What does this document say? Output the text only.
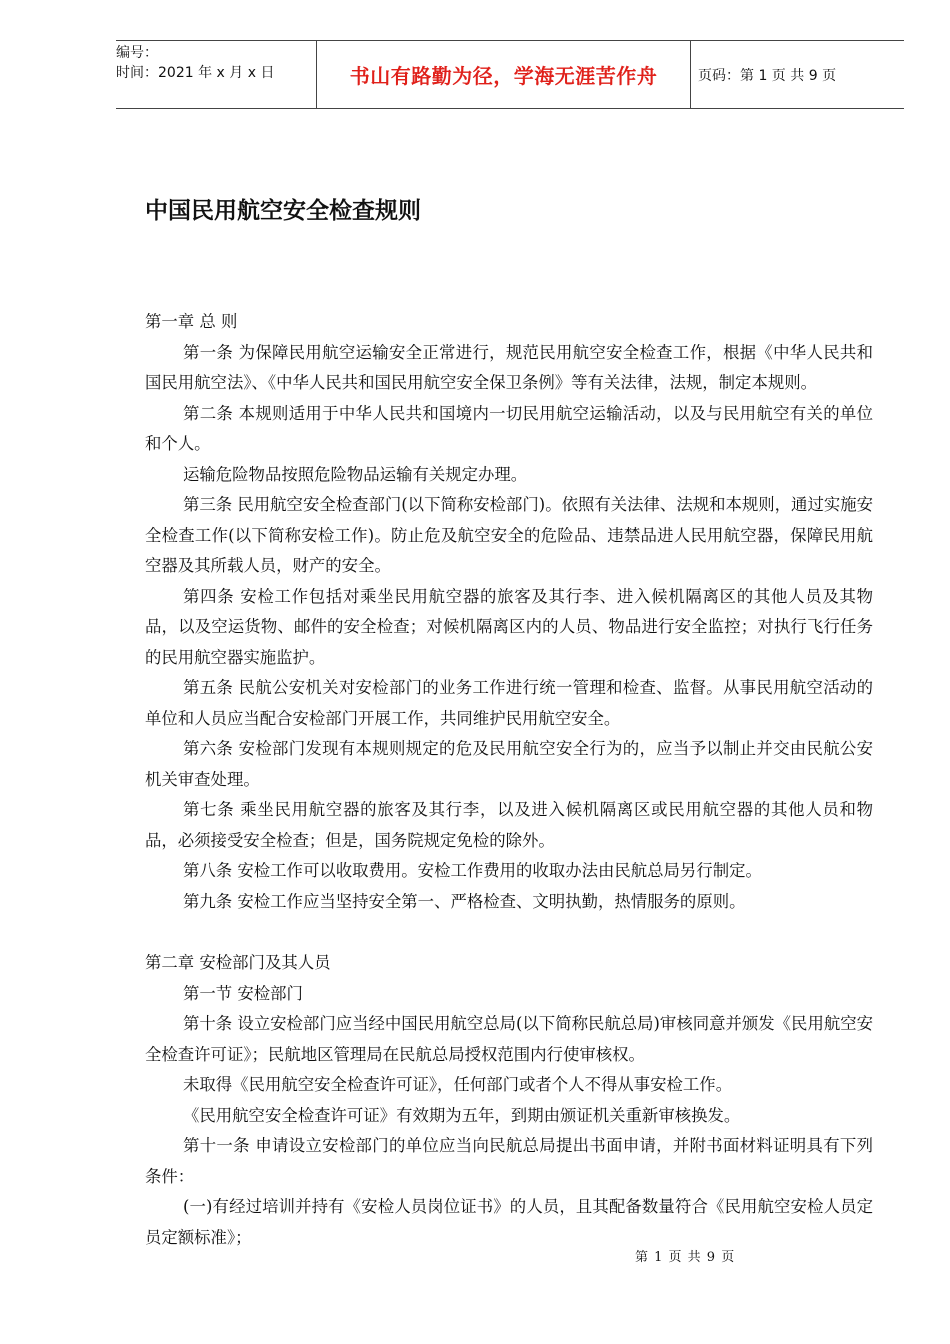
编号：
时间：2021 年 x 月 x 日	书山有路勤为径，学海无涯苦作舟	页码：第 1 页 共 9 页
中国民用航空安全检查规则

第一章 总 则

第一条 为保障民用航空运输安全正常进行，规范民用航空安全检查工作，根据《中华人民共和国民用航空法》、《中华人民共和国民用航空安全保卫条例》等有关法律，法规，制定本规则。

第二条 本规则适用于中华人民共和国境内一切民用航空运输活动，以及与民用航空有关的单位和个人。

运输危险物品按照危险物品运输有关规定办理。

第三条 民用航空安全检查部门(以下简称安检部门)。依照有关法律、法规和本规则，通过实施安全检查工作(以下简称安检工作)。防止危及航空安全的危险品、违禁品进人民用航空器，保障民用航空器及其所载人员，财产的安全。

第四条 安检工作包括对乘坐民用航空器的旅客及其行李、进入候机隔离区的其他人员及其物品，以及空运货物、邮件的安全检查；对候机隔离区内的人员、物品进行安全监控；对执行飞行任务的民用航空器实施监护。

第五条 民航公安机关对安检部门的业务工作进行统一管理和检查、监督。从事民用航空活动的单位和人员应当配合安检部门开展工作，共同维护民用航空安全。

第六条 安检部门发现有本规则规定的危及民用航空安全行为的，应当予以制止并交由民航公安机关审查处理。

第七条 乘坐民用航空器的旅客及其行李，以及进入候机隔离区或民用航空器的其他人员和物品，必须接受安全检查；但是，国务院规定免检的除外。

第八条 安检工作可以收取费用。安检工作费用的收取办法由民航总局另行制定。

第九条 安检工作应当坚持安全第一、严格检查、文明执勤，热情服务的原则。

第二章 安检部门及其人员

第一节 安检部门

第十条 设立安检部门应当经中国民用航空总局(以下简称民航总局)审核同意并颁发《民用航空安全检查许可证》；民航地区管理局在民航总局授权范围内行使审核权。

未取得《民用航空安全检查许可证》，任何部门或者个人不得从事安检工作。

《民用航空安全检查许可证》有效期为五年，到期由颁证机关重新审核换发。

第十一条 申请设立安检部门的单位应当向民航总局提出书面申请，并附书面材料证明具有下列条件：

(一)有经过培训并持有《安检人员岗位证书》的人员，且其配备数量符合《民用航空安检人员定员定额标准》；

第 1 页 共 9 页
